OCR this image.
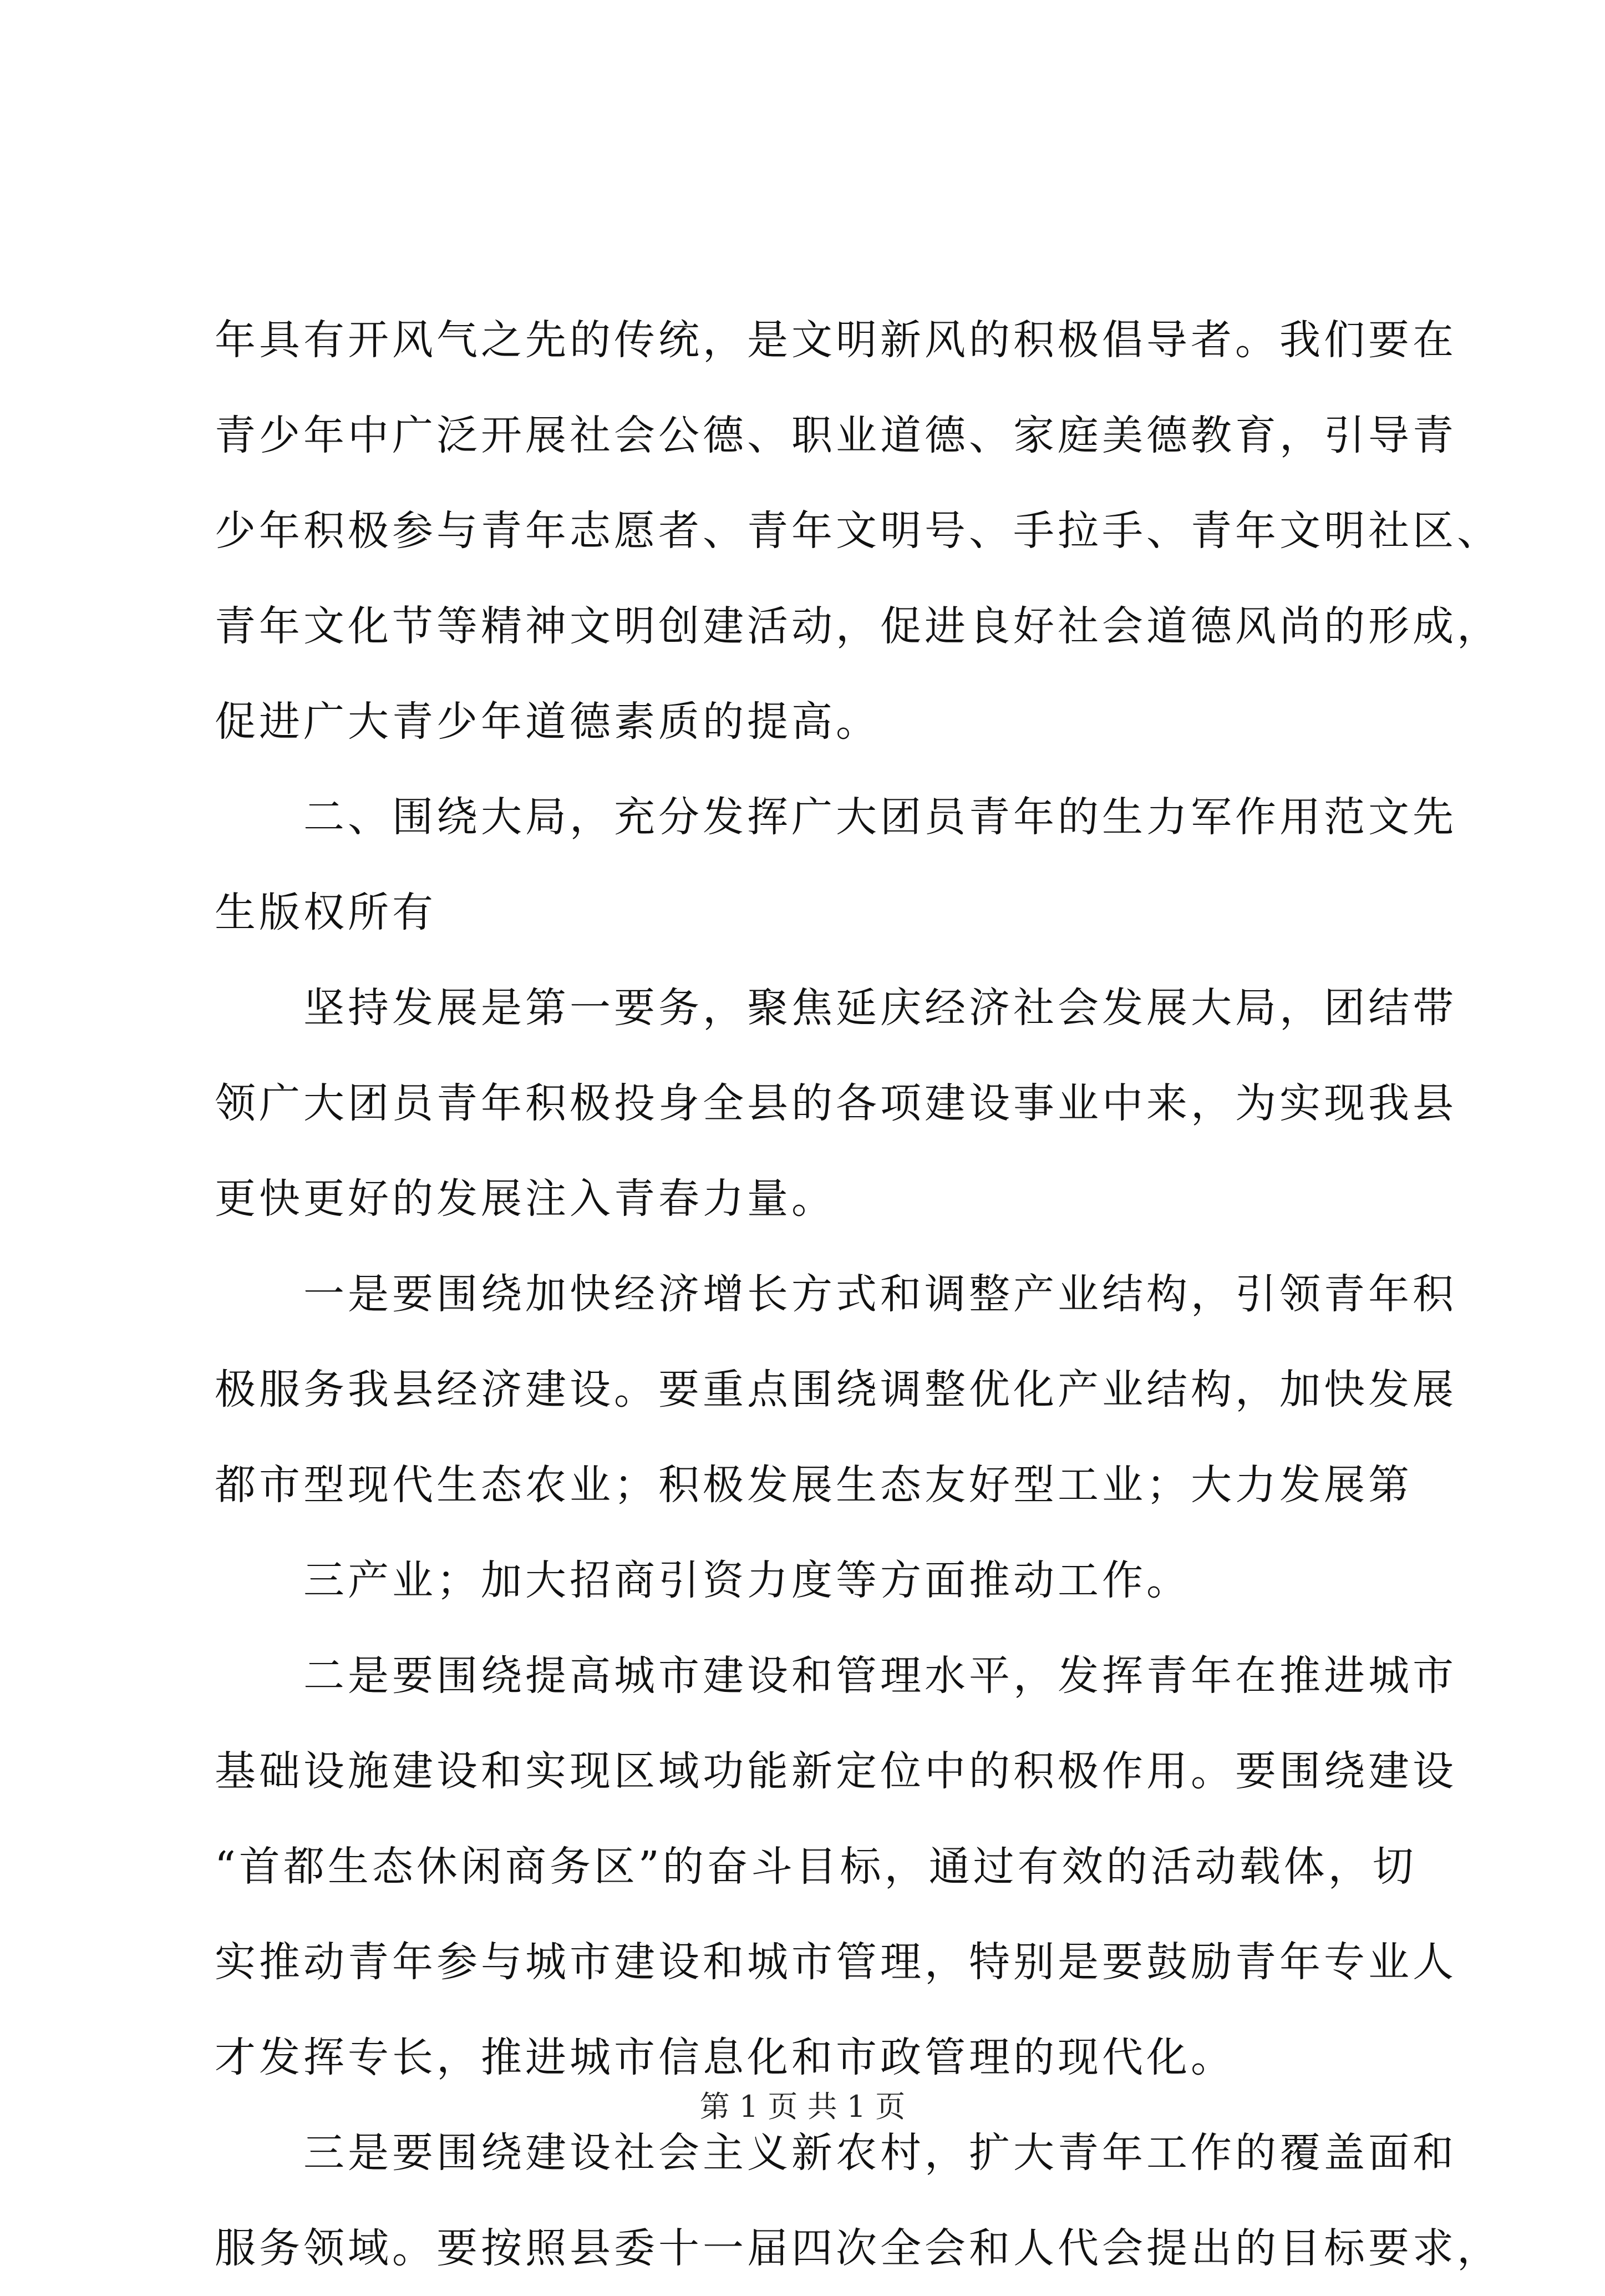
年具有开风气之先的传统，是文明新风的积极倡导者。我们要在
青少年中广泛开展社会公德、职业道德、家庭美德教育，引导青
少年积极参与青年志愿者、青年文明号、手拉手、青年文明社区、
青年文化节等精神文明创建活动，促进良好社会道德风尚的形成，
促进广大青少年道德素质的提高。
　　二、围绕大局，充分发挥广大团员青年的生力军作用范文先
生版权所有
　　坚持发展是第一要务，聚焦延庆经济社会发展大局，团结带
领广大团员青年积极投身全县的各项建设事业中来，为实现我县
更快更好的发展注入青春力量。
　　一是要围绕加快经济增长方式和调整产业结构，引领青年积
极服务我县经济建设。要重点围绕调整优化产业结构，加快发展
都市型现代生态农业；积极发展生态友好型工业；大力发展第
　　三产业；加大招商引资力度等方面推动工作。
　　二是要围绕提高城市建设和管理水平，发挥青年在推进城市
基础设施建设和实现区域功能新定位中的积极作用。要围绕建设
“首都生态休闲商务区”的奋斗目标，通过有效的活动载体，切
实推动青年参与城市建设和城市管理，特别是要鼓励青年专业人
才发挥专长，推进城市信息化和市政管理的现代化。
　　三是要围绕建设社会主义新农村，扩大青年工作的覆盖面和
服务领域。要按照县委十一届四次全会和人代会提出的目标要求，
第 1 页 共 1 页
